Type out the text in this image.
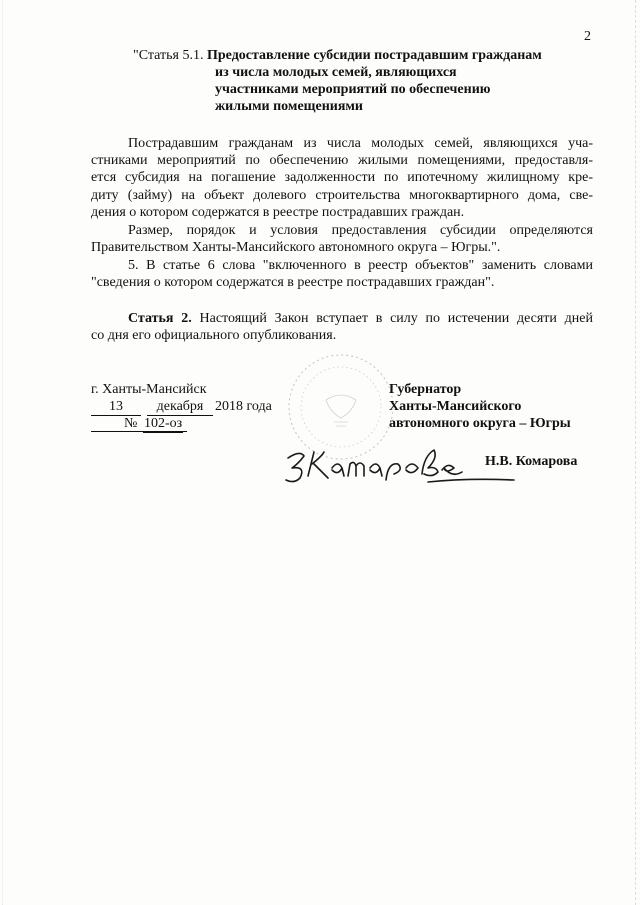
2
"Статья 5.1. Предоставление субсидии пострадавшим гражданам
из числа молодых семей, являющихся
участниками мероприятий по обеспечению
жилыми помещениями
Пострадавшим гражданам из числа молодых семей, являющихся уча-
стниками мероприятий по обеспечению жилыми помещениями, предоставля-
ется субсидия на погашение задолженности по ипотечному жилищному кре-
диту (займу) на объект долевого строительства многоквартирного дома, све-
дения о котором содержатся в реестре пострадавших граждан.
Размер, порядок и условия предоставления субсидии определяются
Правительством Ханты-Мансийского автономного округа – Югры.".
5. В статье 6 слова "включенного в реестр объектов" заменить словами
"сведения о котором содержатся в реестре пострадавших граждан".
Статья 2. Настоящий Закон вступает в силу по истечении десяти дней
со дня его официального опубликования.
г. Ханты-Мансийск
13	декабря 2018 года
№ 102-оз
Губернатор
Ханты-Мансийского
автономного округа – Югры
Н.В. Комарова
